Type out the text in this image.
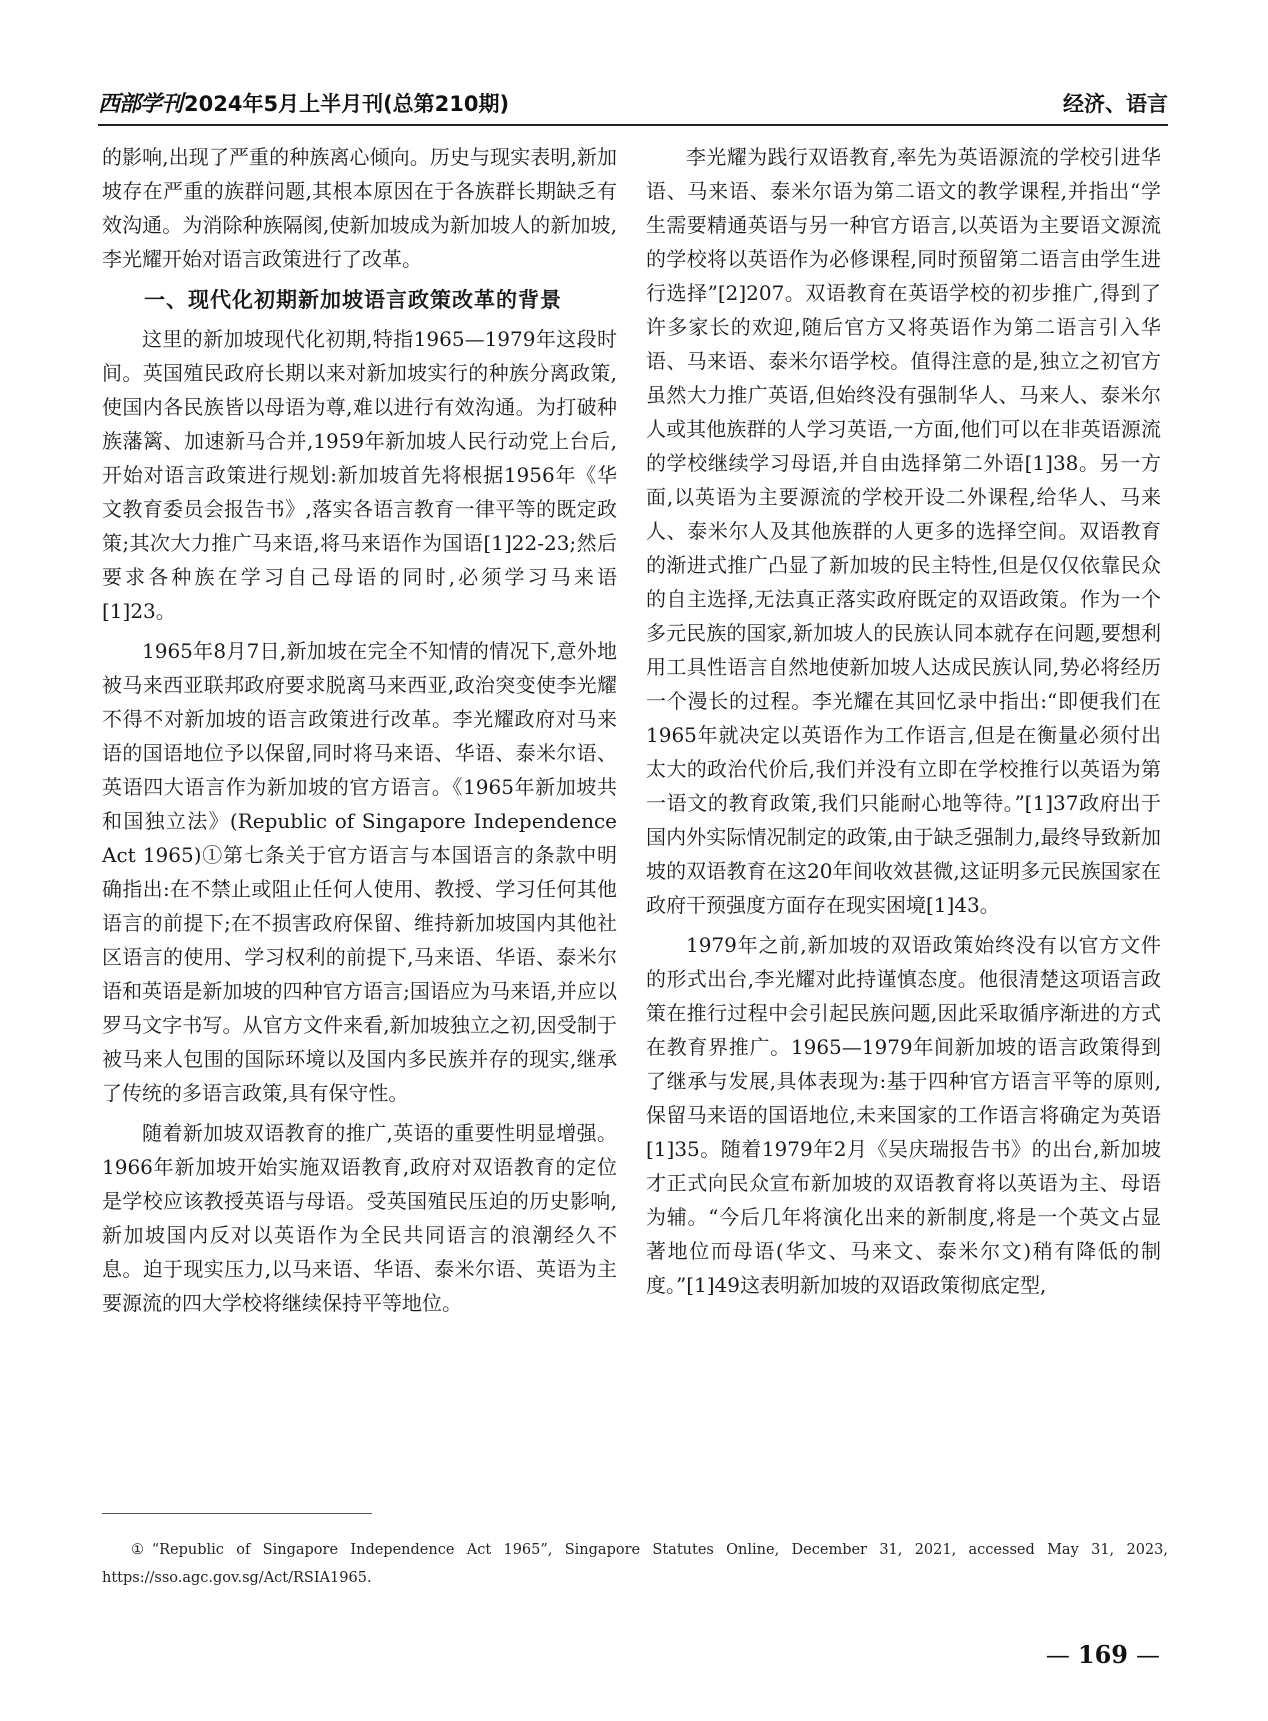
西部学刊 2024年5月上半月刊(总第210期)	经济、语言

的影响,出现了严重的种族离心倾向。历史与现实表明,新加坡存在严重的族群问题,其根本原因在于各族群长期缺乏有效沟通。为消除种族隔阂,使新加坡成为新加坡人的新加坡,李光耀开始对语言政策进行了改革。

一、现代化初期新加坡语言政策改革的背景

这里的新加坡现代化初期,特指1965—1979年这段时间。英国殖民政府长期以来对新加坡实行的种族分离政策,使国内各民族皆以母语为尊,难以进行有效沟通。为打破种族藩篱、加速新马合并,1959年新加坡人民行动党上台后,开始对语言政策进行规划:新加坡首先将根据1956年《华文教育委员会报告书》,落实各语言教育一律平等的既定政策;其次大力推广马来语,将马来语作为国语[1]22-23;然后要求各种族在学习自己母语的同时,必须学习马来语[1]23。

1965年8月7日,新加坡在完全不知情的情况下,意外地被马来西亚联邦政府要求脱离马来西亚,政治突变使李光耀不得不对新加坡的语言政策进行改革。李光耀政府对马来语的国语地位予以保留,同时将马来语、华语、泰米尔语、英语四大语言作为新加坡的官方语言。《1965年新加坡共和国独立法》(Republic of Singapore Independence Act 1965)①第七条关于官方语言与本国语言的条款中明确指出:在不禁止或阻止任何人使用、教授、学习任何其他语言的前提下;在不损害政府保留、维持新加坡国内其他社区语言的使用、学习权利的前提下,马来语、华语、泰米尔语和英语是新加坡的四种官方语言;国语应为马来语,并应以罗马文字书写。从官方文件来看,新加坡独立之初,因受制于被马来人包围的国际环境以及国内多民族并存的现实,继承了传统的多语言政策,具有保守性。

随着新加坡双语教育的推广,英语的重要性明显增强。1966年新加坡开始实施双语教育,政府对双语教育的定位是学校应该教授英语与母语。受英国殖民压迫的历史影响,新加坡国内反对以英语作为全民共同语言的浪潮经久不息。迫于现实压力,以马来语、华语、泰米尔语、英语为主要源流的四大学校将继续保持平等地位。

李光耀为践行双语教育,率先为英语源流的学校引进华语、马来语、泰米尔语为第二语文的教学课程,并指出“学生需要精通英语与另一种官方语言,以英语为主要语文源流的学校将以英语作为必修课程,同时预留第二语言由学生进行选择”[2]207。双语教育在英语学校的初步推广,得到了许多家长的欢迎,随后官方又将英语作为第二语言引入华语、马来语、泰米尔语学校。值得注意的是,独立之初官方虽然大力推广英语,但始终没有强制华人、马来人、泰米尔人或其他族群的人学习英语,一方面,他们可以在非英语源流的学校继续学习母语,并自由选择第二外语[1]38。另一方面,以英语为主要源流的学校开设二外课程,给华人、马来人、泰米尔人及其他族群的人更多的选择空间。双语教育的渐进式推广凸显了新加坡的民主特性,但是仅仅依靠民众的自主选择,无法真正落实政府既定的双语政策。作为一个多元民族的国家,新加坡人的民族认同本就存在问题,要想利用工具性语言自然地使新加坡人达成民族认同,势必将经历一个漫长的过程。李光耀在其回忆录中指出:“即便我们在1965年就决定以英语作为工作语言,但是在衡量必须付出太大的政治代价后,我们并没有立即在学校推行以英语为第一语文的教育政策,我们只能耐心地等待。”[1]37政府出于国内外实际情况制定的政策,由于缺乏强制力,最终导致新加坡的双语教育在这20年间收效甚微,这证明多元民族国家在政府干预强度方面存在现实困境[1]43。

1979年之前,新加坡的双语政策始终没有以官方文件的形式出台,李光耀对此持谨慎态度。他很清楚这项语言政策在推行过程中会引起民族问题,因此采取循序渐进的方式在教育界推广。1965—1979年间新加坡的语言政策得到了继承与发展,具体表现为:基于四种官方语言平等的原则,保留马来语的国语地位,未来国家的工作语言将确定为英语[1]35。随着1979年2月《吴庆瑞报告书》的出台,新加坡才正式向民众宣布新加坡的双语教育将以英语为主、母语为辅。“今后几年将演化出来的新制度,将是一个英文占显著地位而母语(华文、马来文、泰米尔文)稍有降低的制度。”[1]49这表明新加坡的双语政策彻底定型,

①“Republic of Singapore Independence Act 1965”, Singapore Statutes Online, December 31, 2021, accessed May 31, 2023, https://sso.agc.gov.sg/Act/RSIA1965.
— 169 —
